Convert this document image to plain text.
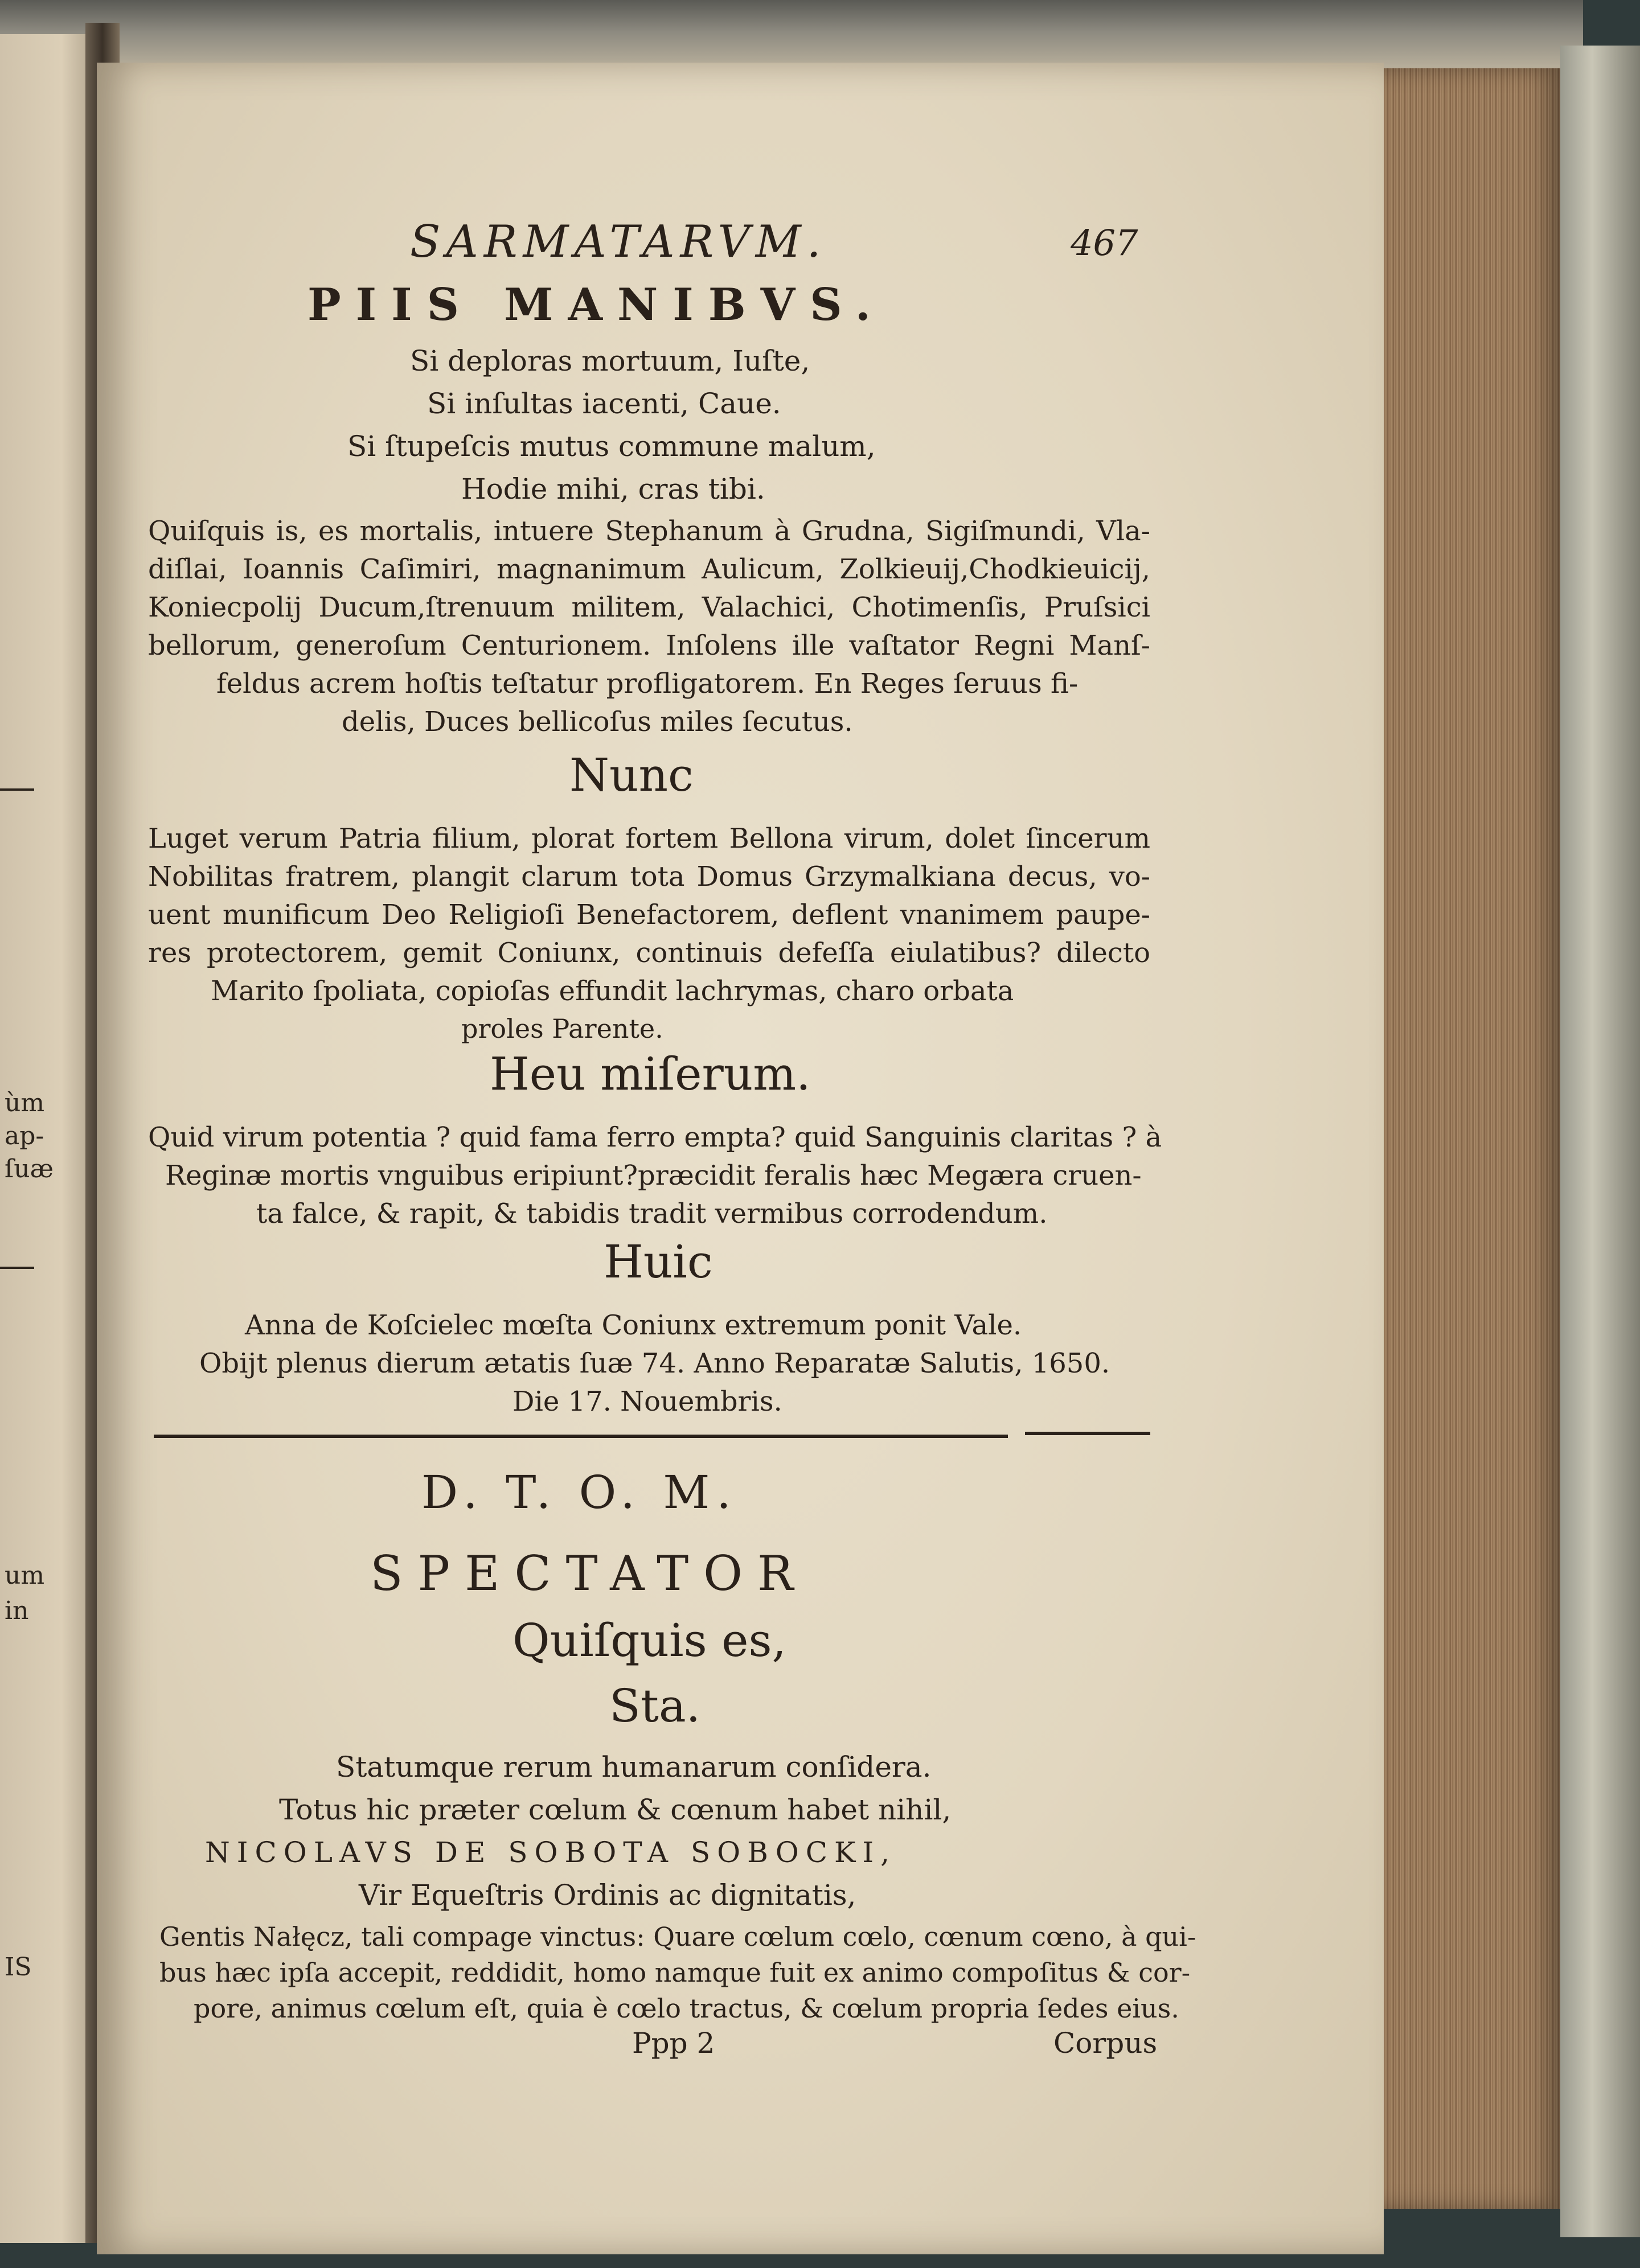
ùm
ap-
ſuæ
um
in
IS
SARMATARVM.	467
PIIS MANIBVS.
Si deploras mortuum, Iuſte,
Si inſultas iacenti, Caue.
Si ſtupeſcis mutus commune malum,
Hodie mihi, cras tibi.
Quiſquis is, es mortalis, intuere Stephanum à Grudna, Sigiſmundi, Vla-
diſlai, Ioannis Caſimiri, magnanimum Aulicum, Zolkieuij,Chodkieuicij,
Koniecpolij Ducum,ſtrenuum militem, Valachici, Chotimenſis, Pruſsici
bellorum, generoſum Centurionem. Inſolens ille vaſtator Regni Manſ-
feldus acrem hoſtis teſtatur profligatorem. En Reges ſeruus fi-
delis, Duces bellicoſus miles ſecutus.
Nunc
Luget verum Patria filium, plorat fortem Bellona virum, dolet ſincerum
Nobilitas fratrem, plangit clarum tota Domus Grzymalkiana decus, vo-
uent munificum Deo Religioſi Benefactorem, deflent vnanimem paupe-
res protectorem, gemit Coniunx, continuis defeſſa eiulatibus? dilecto
Marito ſpoliata, copioſas effundit lachrymas, charo orbata
proles Parente.
Heu miſerum.
Quid virum potentia ? quid fama ferro empta? quid Sanguinis claritas ? à
Reginæ mortis vnguibus eripiunt?præcidit feralis hæc Megæra cruen-
ta falce, & rapit, & tabidis tradit vermibus corrodendum.
Huic
Anna de Koſcielec mœſta Coniunx extremum ponit Vale.
Obijt plenus dierum ætatis ſuæ 74. Anno Reparatæ Salutis, 1650.
Die 17. Nouembris.
D. T. O. M.
SPECTATOR
Quiſquis es,
Sta.
Statumque rerum humanarum conſidera.
Totus hic præter cœlum & cœnum habet nihil,
NICOLAVS DE SOBOTA SOBOCKI,
Vir Equeſtris Ordinis ac dignitatis,
Gentis Nałęcz, tali compage vinctus: Quare cœlum cœlo, cœnum cœno, à qui-
bus hæc ipſa accepit, reddidit, homo namque fuit ex animo compoſitus & cor-
pore, animus cœlum eſt, quia è cœlo tractus, & cœlum propria ſedes eius.
Ppp 2	Corpus
